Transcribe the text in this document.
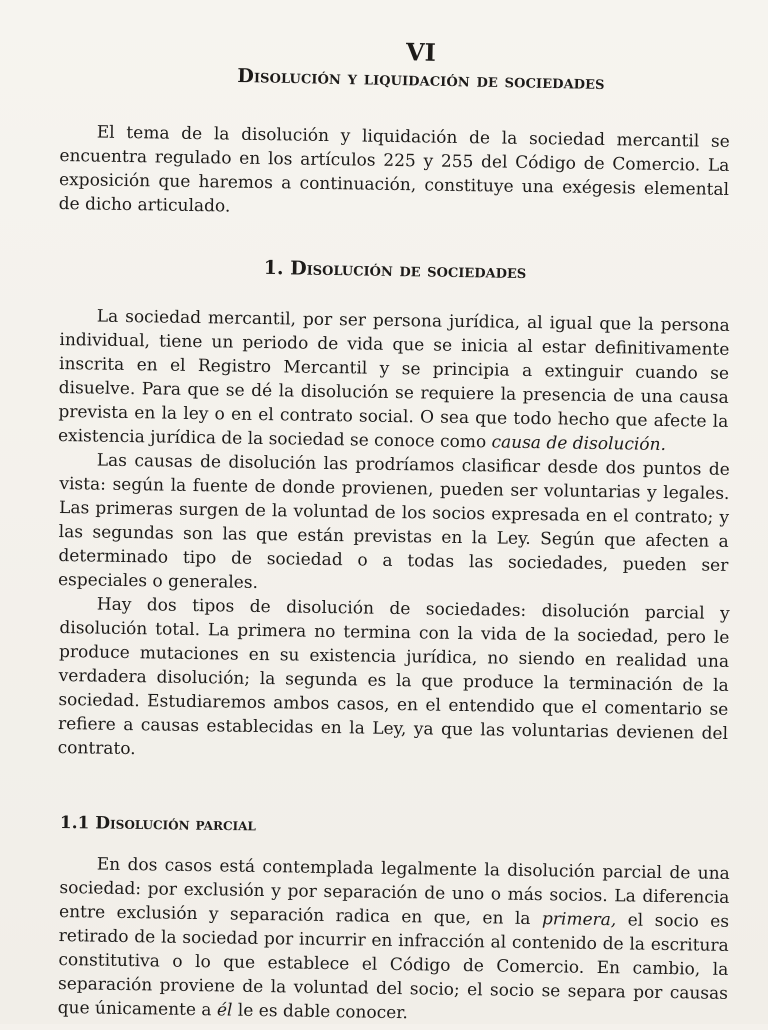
VI
Disolución y liquidación de sociedades

El tema de la disolución y liquidación de la sociedad mercantil se encuentra regulado en los artículos 225 y 255 del Código de Comercio. La exposición que haremos a continuación, constituye una exégesis elemental de dicho articulado.

1. Disolución de sociedades

La sociedad mercantil, por ser persona jurídica, al igual que la persona individual, tiene un periodo de vida que se inicia al estar definitivamente inscrita en el Registro Mercantil y se principia a extinguir cuando se disuelve. Para que se dé la disolución se requiere la presencia de una causa prevista en la ley o en el contrato social. O sea que todo hecho que afecte la existencia jurídica de la sociedad se conoce como causa de disolución.

Las causas de disolución las prodríamos clasificar desde dos puntos de vista: según la fuente de donde provienen, pueden ser voluntarias y legales. Las primeras surgen de la voluntad de los socios expresada en el contrato; y las segundas son las que están previstas en la Ley. Según que afecten a determinado tipo de sociedad o a todas las sociedades, pueden ser especiales o generales.

Hay dos tipos de disolución de sociedades: disolución parcial y disolución total. La primera no termina con la vida de la sociedad, pero le produce mutaciones en su existencia jurídica, no siendo en realidad una verdadera disolución; la segunda es la que produce la terminación de la sociedad. Estudiaremos ambos casos, en el entendido que el comentario se refiere a causas establecidas en la Ley, ya que las voluntarias devienen del contrato.

1.1 Disolución parcial

En dos casos está contemplada legalmente la disolución parcial de una sociedad: por exclusión y por separación de uno o más socios. La diferencia entre exclusión y separación radica en que, en la primera, el socio es retirado de la sociedad por incurrir en infracción al contenido de la escritura constitutiva o lo que establece el Código de Comercio. En cambio, la separación proviene de la voluntad del socio; el socio se separa por causas que únicamente a él le es dable conocer.
